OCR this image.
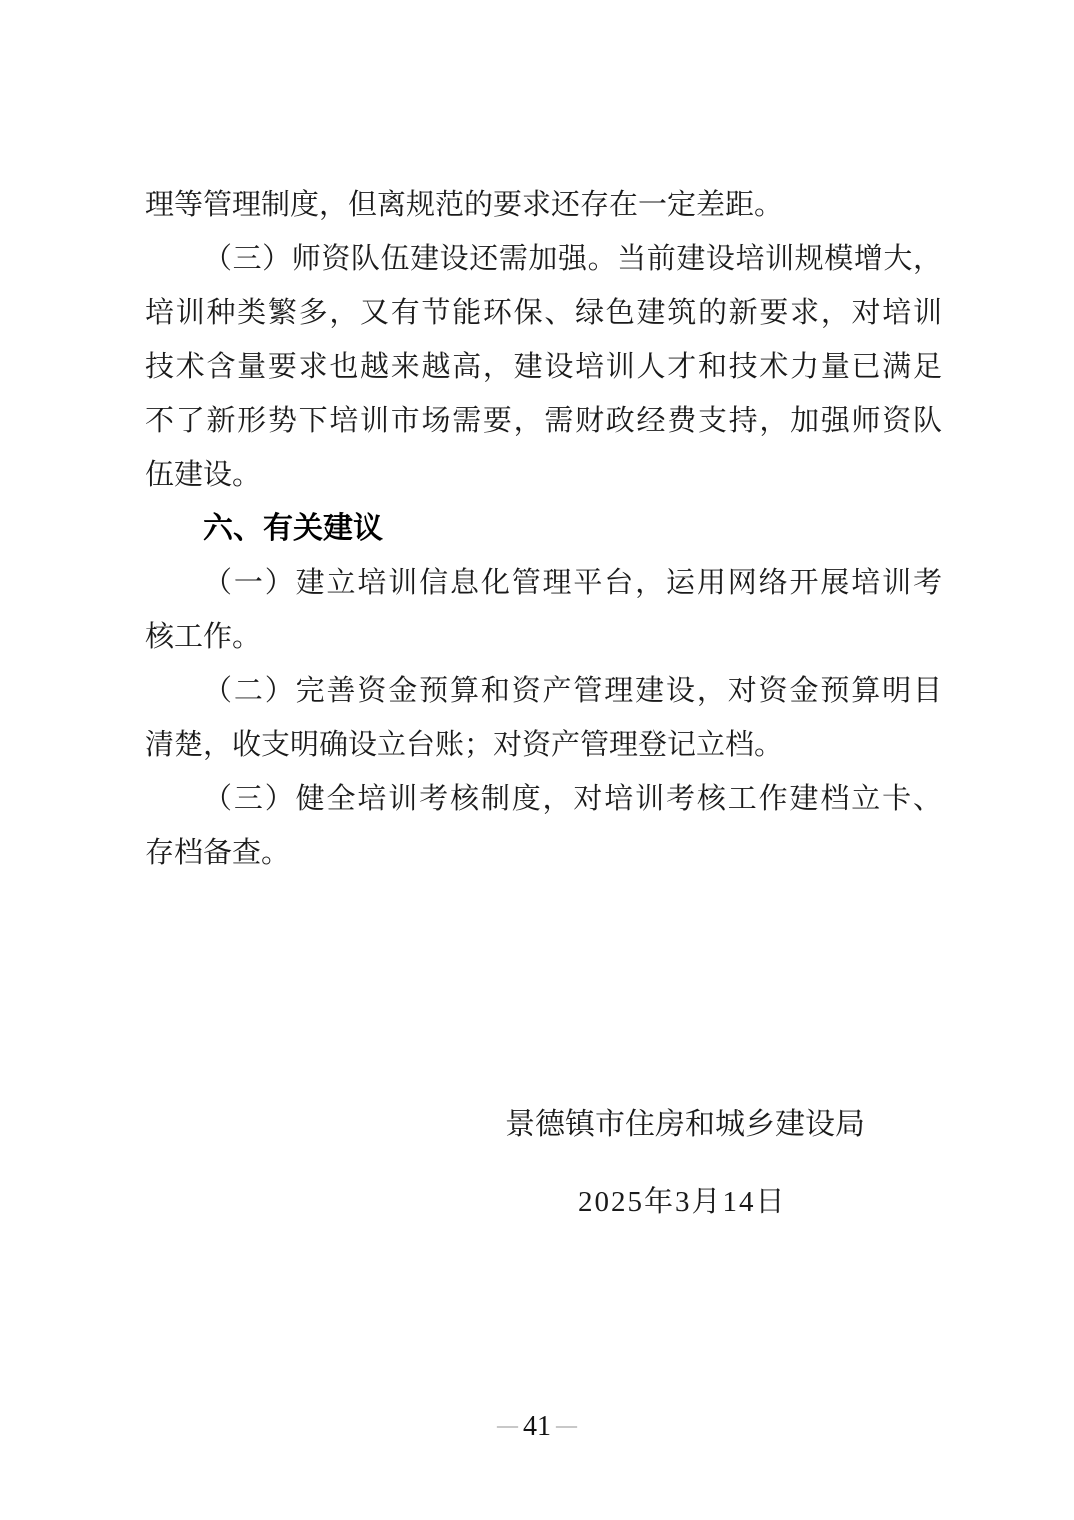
理等管理制度，但离规范的要求还存在一定差距。
（三）师资队伍建设还需加强。当前建设培训规模增大，
培训种类繁多，又有节能环保、绿色建筑的新要求，对培训
技术含量要求也越来越高，建设培训人才和技术力量已满足
不了新形势下培训市场需要，需财政经费支持，加强师资队
伍建设。
六、有关建议
（一）建立培训信息化管理平台，运用网络开展培训考
核工作。
（二）完善资金预算和资产管理建设，对资金预算明目
清楚，收支明确设立台账；对资产管理登记立档。
（三）健全培训考核制度，对培训考核工作建档立卡、
存档备查。
景德镇市住房和城乡建设局
2025年3月14日
— 41 —
